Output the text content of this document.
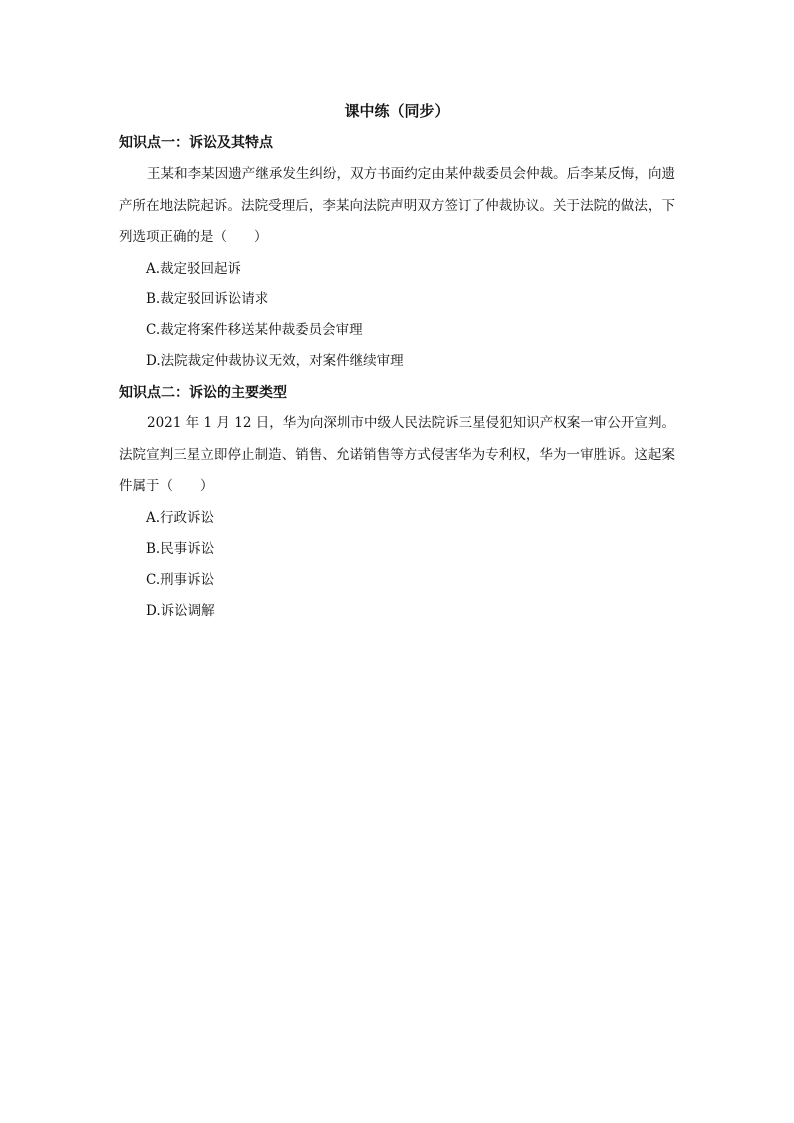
课中练（同步）
知识点一：诉讼及其特点
王某和李某因遗产继承发生纠纷，双方书面约定由某仲裁委员会仲裁。后李某反悔，向遗产所在地法院起诉。法院受理后，李某向法院声明双方签订了仲裁协议。关于法院的做法，下列选项正确的是（　　）
A.裁定驳回起诉
B.裁定驳回诉讼请求
C.裁定将案件移送某仲裁委员会审理
D.法院裁定仲裁协议无效，对案件继续审理
知识点二：诉讼的主要类型
2021 年 1 月 12 日，华为向深圳市中级人民法院诉三星侵犯知识产权案一审公开宣判。法院宣判三星立即停止制造、销售、允诺销售等方式侵害华为专利权，华为一审胜诉。这起案件属于（　　）
A.行政诉讼
B.民事诉讼
C.刑事诉讼
D.诉讼调解
